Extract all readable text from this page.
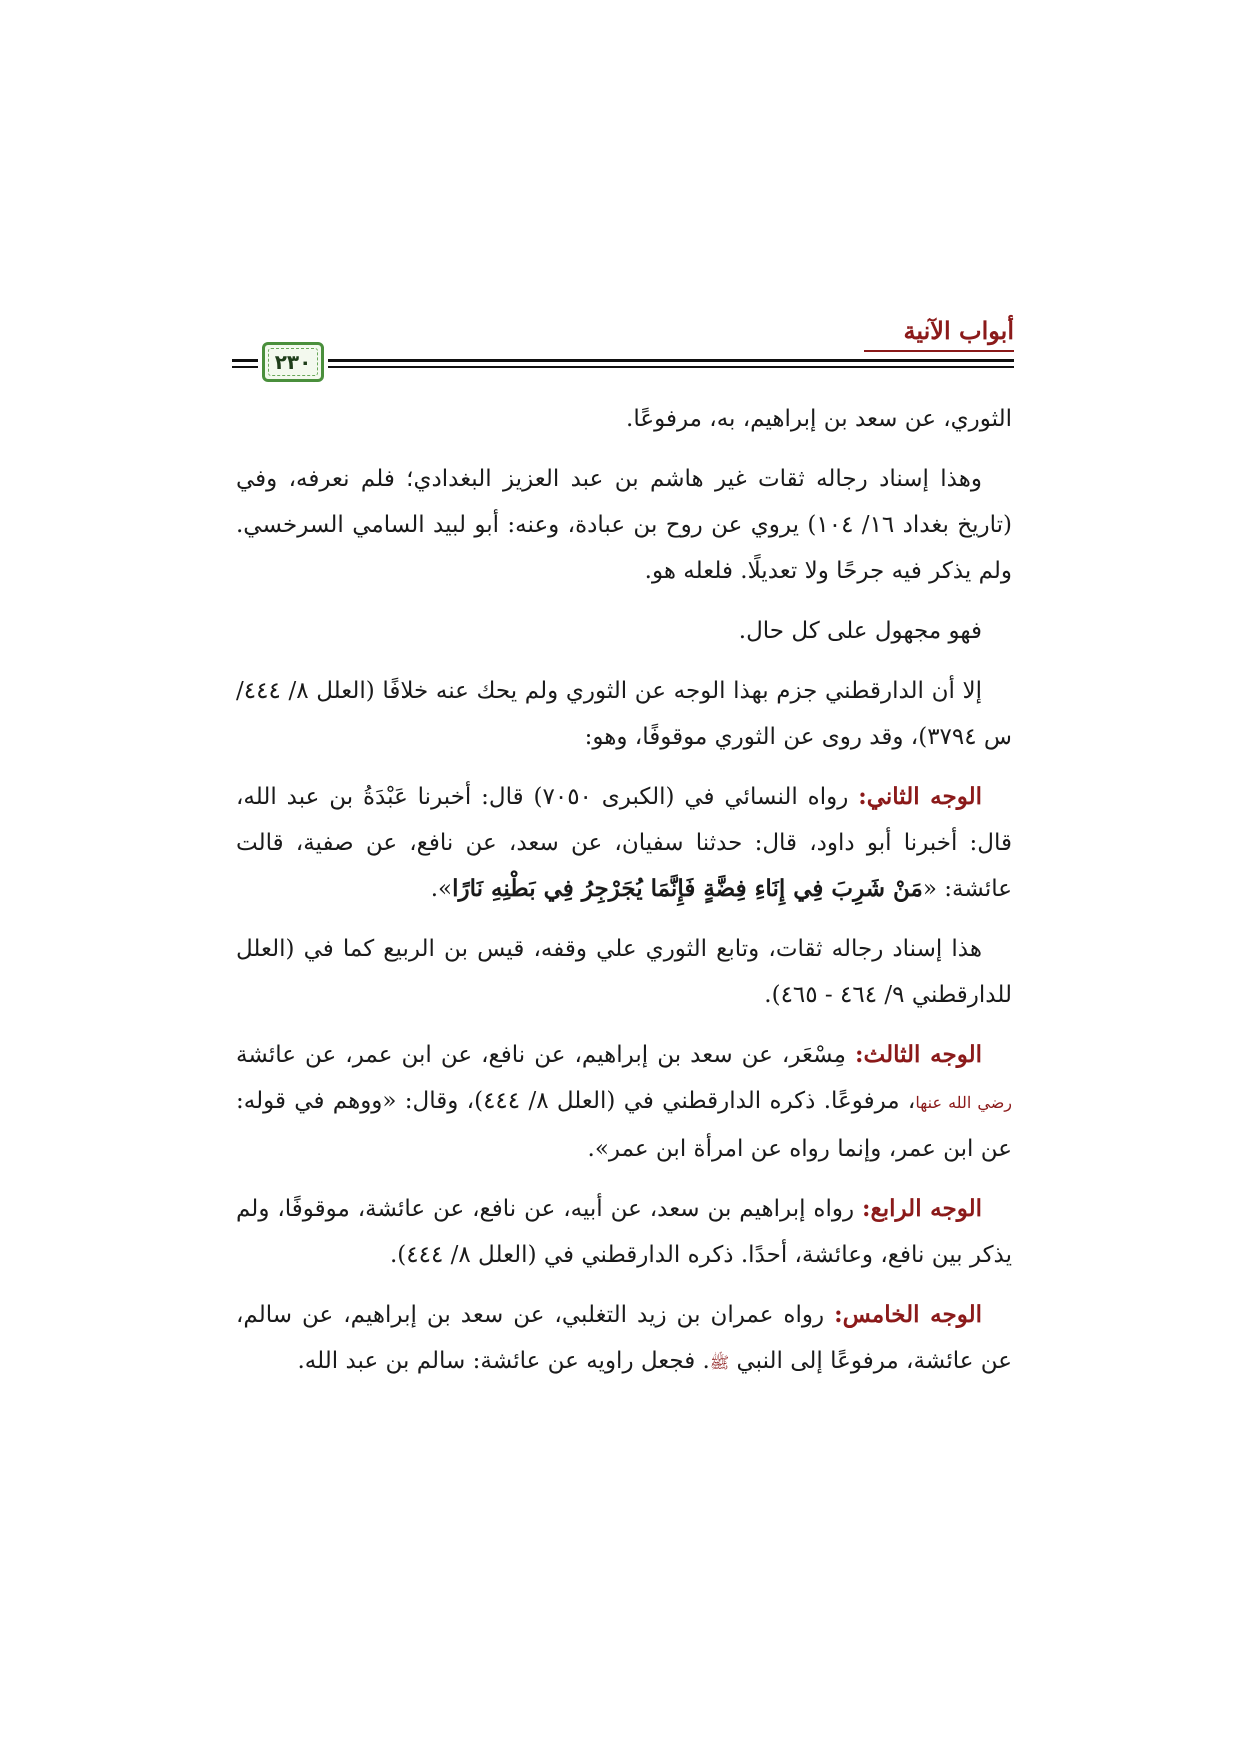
أبواب الآنية
٢٣٠

الثوري، عن سعد بن إبراهيم، به، مرفوعًا.

وهذا إسناد رجاله ثقات غير هاشم بن عبد العزيز البغدادي؛ فلم نعرفه، وفي (تاريخ بغداد ١٦/ ١٠٤) يروي عن روح بن عبادة، وعنه: أبو لبيد السامي السرخسي. ولم يذكر فيه جرحًا ولا تعديلًا. فلعله هو.

فهو مجهول على كل حال.

إلا أن الدارقطني جزم بهذا الوجه عن الثوري ولم يحك عنه خلافًا (العلل ٨/ ٤٤٤/ س ٣٧٩٤)، وقد روى عن الثوري موقوفًا، وهو:

الوجه الثاني: رواه النسائي في (الكبرى ٧٠٥٠) قال: أخبرنا عَبْدَةُ بن عبد الله، قال: أخبرنا أبو داود، قال: حدثنا سفيان، عن سعد، عن نافع، عن صفية، قالت عائشة: «مَنْ شَرِبَ فِي إِنَاءِ فِضَّةٍ فَإِنَّمَا يُجَرْجِرُ فِي بَطْنِهِ نَارًا».

هذا إسناد رجاله ثقات، وتابع الثوري علي وقفه، قيس بن الربيع كما في (العلل للدارقطني ٩/ ٤٦٤ - ٤٦٥).

الوجه الثالث: مِسْعَر، عن سعد بن إبراهيم، عن نافع، عن ابن عمر، عن عائشة رضي الله عنها، مرفوعًا. ذكره الدارقطني في (العلل ٨/ ٤٤٤)، وقال: «ووهم في قوله: عن ابن عمر، وإنما رواه عن امرأة ابن عمر».

الوجه الرابع: رواه إبراهيم بن سعد، عن أبيه، عن نافع، عن عائشة، موقوفًا، ولم يذكر بين نافع، وعائشة، أحدًا. ذكره الدارقطني في (العلل ٨/ ٤٤٤).

الوجه الخامس: رواه عمران بن زيد التغلبي، عن سعد بن إبراهيم، عن سالم، عن عائشة، مرفوعًا إلى النبي ﷺ. فجعل راويه عن عائشة: سالم بن عبد الله.
